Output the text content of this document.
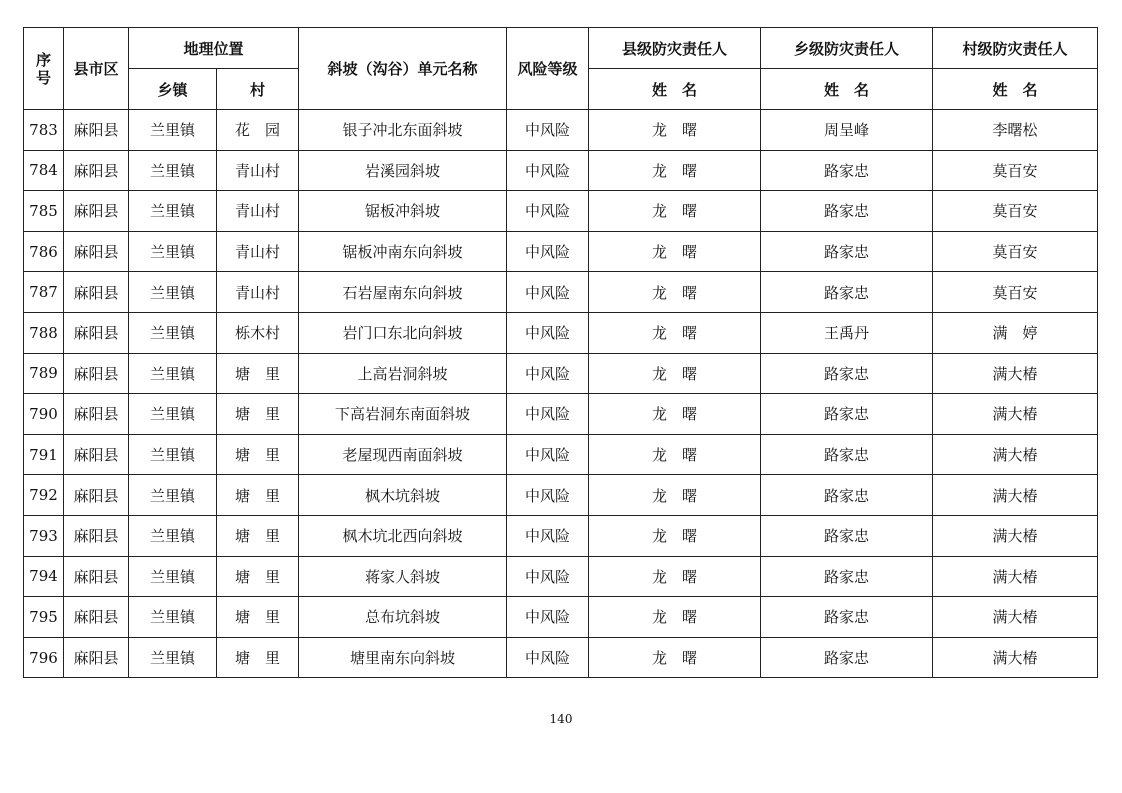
序
号	县市区	地理位置		斜坡（沟谷）单元名称	风险等级	县级防灾责任人	乡级防灾责任人	村级防灾责任人
		乡镇	村			姓　名	姓　名	姓　名
783	麻阳县	兰里镇	花　园	银子冲北东面斜坡	中风险	龙　曙	周呈峰	李曙松
784	麻阳县	兰里镇	青山村	岩溪园斜坡	中风险	龙　曙	路家忠	莫百安
785	麻阳县	兰里镇	青山村	锯板冲斜坡	中风险	龙　曙	路家忠	莫百安
786	麻阳县	兰里镇	青山村	锯板冲南东向斜坡	中风险	龙　曙	路家忠	莫百安
787	麻阳县	兰里镇	青山村	石岩屋南东向斜坡	中风险	龙　曙	路家忠	莫百安
788	麻阳县	兰里镇	栎木村	岩门口东北向斜坡	中风险	龙　曙	王禹丹	满　婷
789	麻阳县	兰里镇	塘　里	上高岩洞斜坡	中风险	龙　曙	路家忠	满大椿
790	麻阳县	兰里镇	塘　里	下高岩洞东南面斜坡	中风险	龙　曙	路家忠	满大椿
791	麻阳县	兰里镇	塘　里	老屋现西南面斜坡	中风险	龙　曙	路家忠	满大椿
792	麻阳县	兰里镇	塘　里	枫木坑斜坡	中风险	龙　曙	路家忠	满大椿
793	麻阳县	兰里镇	塘　里	枫木坑北西向斜坡	中风险	龙　曙	路家忠	满大椿
794	麻阳县	兰里镇	塘　里	蒋家人斜坡	中风险	龙　曙	路家忠	满大椿
795	麻阳县	兰里镇	塘　里	总布坑斜坡	中风险	龙　曙	路家忠	满大椿
796	麻阳县	兰里镇	塘　里	塘里南东向斜坡	中风险	龙　曙	路家忠	满大椿
140
